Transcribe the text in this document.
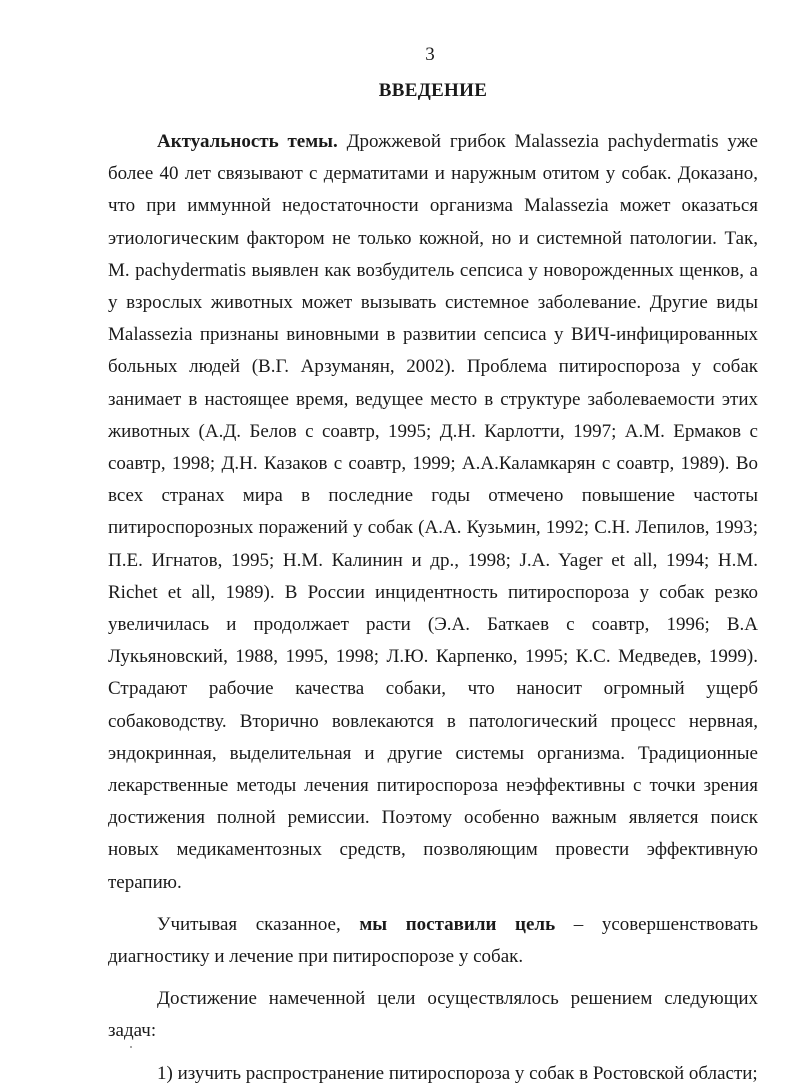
3
ВВЕДЕНИЕ

Актуальность темы. Дрожжевой грибок Malassezia pachydermatis уже более 40 лет связывают с дерматитами и наружным отитом у собак. Доказано, что при иммунной недостаточности организма Malassezia может оказаться этиологическим фактором не только кожной, но и системной патологии. Так, M. pachydermatis выявлен как возбудитель сепсиса у новорожденных щенков, а у взрослых животных может вызывать системное заболевание. Другие виды Malassezia признаны виновными в развитии сепсиса у ВИЧ-инфицированных больных людей (В.Г. Арзуманян, 2002). Проблема питироспороза у собак занимает в настоящее время, ведущее место в структуре заболеваемости этих животных (А.Д. Белов с соавтр, 1995; Д.Н. Карлотти, 1997; А.М. Ермаков с соавтр, 1998; Д.Н. Казаков с соавтр, 1999; А.А.Каламкарян с соавтр, 1989). Во всех странах мира в последние годы отмечено повышение частоты питироспорозных поражений у собак (А.А. Кузьмин, 1992; С.Н. Лепилов, 1993; П.Е. Игнатов, 1995; Н.М. Калинин и др., 1998; J.A. Yager et all, 1994; H.M. Richet et all, 1989). В России инцидентность питироспороза у собак резко увеличилась и продолжает расти (Э.А. Баткаев с соавтр, 1996; В.А Лукьяновский, 1988, 1995, 1998; Л.Ю. Карпенко, 1995; К.С. Медведев, 1999). Страдают рабочие качества собаки, что наносит огромный ущерб собаководству. Вторично вовлекаются в патологический процесс нервная, эндокринная, выделительная и другие системы организма. Традиционные лекарственные методы лечения питироспороза неэффективны с точки зрения достижения полной ремиссии. Поэтому особенно важным является поиск новых медикаментозных средств, позволяющим провести эффективную терапию.

Учитывая сказанное, мы поставили цель – усовершенствовать диагностику и лечение при питироспорозе у собак.

Достижение намеченной цели осуществлялось решением следующих задач:

1) изучить распространение питироспороза у собак в Ростовской области;
